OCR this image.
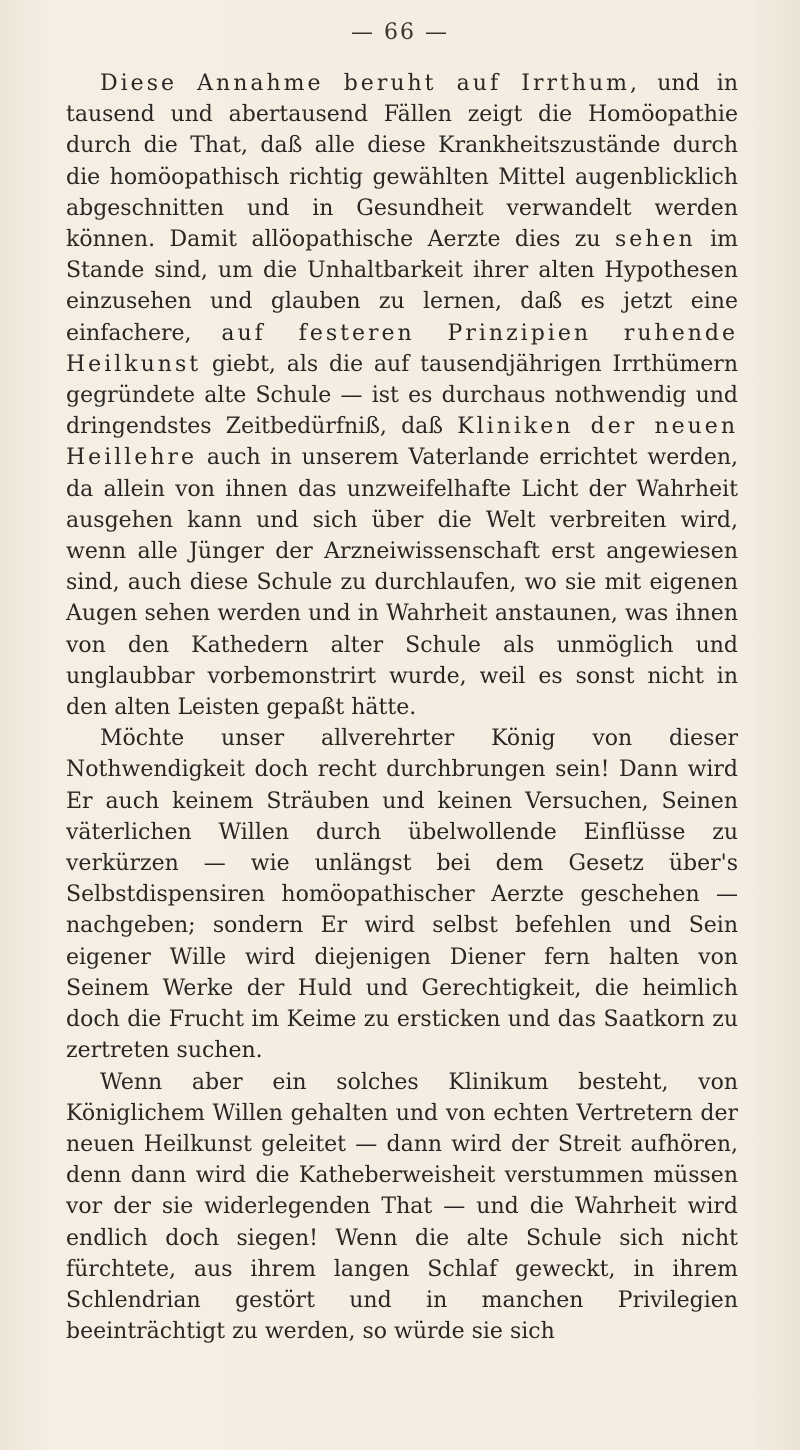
— 66 —

Diese Annahme beruht auf Irrthum, und in tausend und abertausend Fällen zeigt die Homöopathie durch die That, daß alle diese Krankheitszustände durch die homöopathisch richtig gewählten Mittel augenblicklich abgeschnitten und in Gesundheit verwandelt werden können. Damit allöopathische Aerzte dies zu sehen im Stande sind, um die Unhaltbarkeit ihrer alten Hypothesen einzusehen und glauben zu lernen, daß es jetzt eine einfachere, auf festeren Prinzipien ruhende Heilkunst giebt, als die auf tausendjährigen Irrthümern gegründete alte Schule — ist es durchaus nothwendig und dringendstes Zeitbedürfniß, daß Kliniken der neuen Heillehre auch in unserem Vaterlande errichtet werden, da allein von ihnen das unzweifelhafte Licht der Wahrheit ausgehen kann und sich über die Welt verbreiten wird, wenn alle Jünger der Arzneiwissenschaft erst angewiesen sind, auch diese Schule zu durchlaufen, wo sie mit eigenen Augen sehen werden und in Wahrheit anstaunen, was ihnen von den Kathedern alter Schule als unmöglich und unglaubbar vorbemonstrirt wurde, weil es sonst nicht in den alten Leisten gepaßt hätte.

Möchte unser allverehrter König von dieser Nothwendigkeit doch recht durchbrungen sein! Dann wird Er auch keinem Sträuben und keinen Versuchen, Seinen väterlichen Willen durch übelwollende Einflüsse zu verkürzen — wie unlängst bei dem Gesetz über's Selbstdispensiren homöopathischer Aerzte geschehen — nachgeben; sondern Er wird selbst befehlen und Sein eigener Wille wird diejenigen Diener fern halten von Seinem Werke der Huld und Gerechtigkeit, die heimlich doch die Frucht im Keime zu ersticken und das Saatkorn zu zertreten suchen.

Wenn aber ein solches Klinikum besteht, von Königlichem Willen gehalten und von echten Vertretern der neuen Heilkunst geleitet — dann wird der Streit aufhören, denn dann wird die Katheberweisheit verstummen müssen vor der sie widerlegenden That — und die Wahrheit wird endlich doch siegen! Wenn die alte Schule sich nicht fürchtete, aus ihrem langen Schlaf geweckt, in ihrem Schlendrian gestört und in manchen Privilegien beeinträchtigt zu werden, so würde sie sich
